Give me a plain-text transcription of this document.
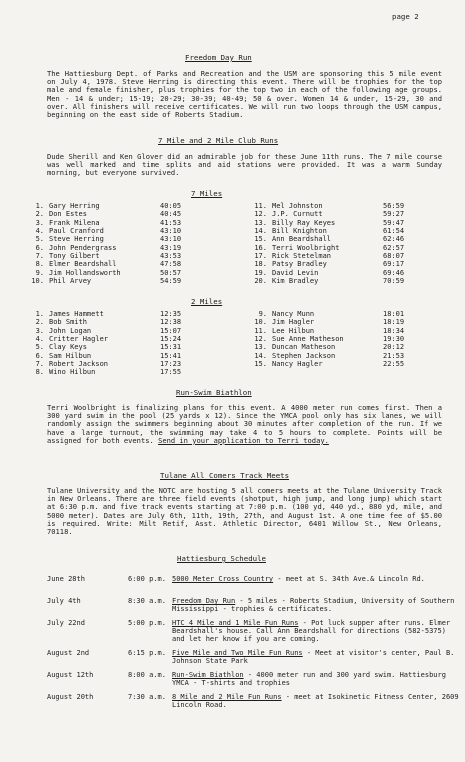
page 2
Freedom Day Run
The Hattiesburg Dept. of Parks and Recreation and the USM are sponsoring this 5 mile event on July 4, 1978. Steve Herring is directing this event. There will be trophies for the top male and female finisher, plus trophies for the top two in each of the following age groups. Men - 14 & under; 15-19; 20-29; 30-39; 40-49; 50 & over. Women 14 & under, 15-29, 30 and over. All finishers will receive certificates. We will run two loops through the USM campus, beginning on the east side of Roberts Stadium.
7 Mile and 2 Mile Club Runs
Dude Sherill and Ken Glover did an admirable job for these June 11th runs. The 7 mile course was well marked and time splits and aid stations were provided. It was a warm Sunday morning, but everyone survived.
7 Miles
1. Gary Herring	40:05
2. Don Estes	40:45
3. Frank Milena	41:53
4. Paul Cranford	43:10
5. Steve Herring	43:10
6. John Pendergrass	43:19
7. Tony Gilbert	43:53
8. Elmer Beardshall	47:58
9. Jim Hollandsworth	50:57
10. Phil Arvey	54:59
11. Mel Johnston	56:59
12. J.P. Curnutt	59:27
13. Billy Ray Keyes	59:47
14. Bill Knighton	61:54
15. Ann Beardshall	62:46
16. Terri Woolbright	62:57
17. Rick Stetelman	68:07
18. Patsy Bradley	69:17
19. David Levin	69:46
20. Kim Bradley	70:59
2 Miles
1. James Hammett	12:35
2. Bob Smith	12:38
3. John Logan	15:07
4. Critter Hagler	15:24
5. Clay Keys	15:31
6. Sam Hilbun	15:41
7. Robert Jackson	17:23
8. Wino Hilbun	17:55
9. Nancy Munn	18:01
10. Jim Hagler	18:19
11. Lee Hilbun	18:34
12. Sue Anne Matheson	19:30
13. Duncan Matheson	20:12
14. Stephen Jackson	21:53
15. Nancy Hagler	22:55
Run-Swim Biathlon
Terri Woolbright is finalizing plans for this event. A 4000 meter run comes first. Then a 300 yard swim in the pool (25 yards x 12). Since the YMCA pool only has six lanes, we will randomly assign the swimmers beginning about 30 minutes after completion of the run. If we have a large turnout, the swimming may take 4 to 5 hours to complete. Points will be assigned for both events. Send in your application to Terri today.
Tulane All Comers Track Meets
Tulane University and the NOTC are hosting 5 all comers meets at the Tulane University Track in New Orleans. There are three field events (shotput, high jump, and long jump) which start at 6:30 p.m. and five track events starting at 7:00 p.m. (100 yd, 440 yd., 880 yd, mile, and 5000 meter). Dates are July 6th, 11th, 19th, 27th, and August 1st. A one time fee of $5.00 is required. Write: Milt Retif, Asst. Athletic Director, 6401 Willow St., New Orleans, 70118.
Hattiesburg Schedule
June 28th	6:00 p.m. 5000 Meter Cross Country - meet at S. 34th Ave.& Lincoln Rd.
July 4th	8:30 a.m. Freedom Day Run - 5 miles - Roberts Stadium, University of Southern Mississippi - trophies & certificates.
July 22nd	5:00 p.m. HTC 4 Mile and 1 Mile Fun Runs - Pot luck supper after runs. Elmer Beardshall's house. Call Ann Beardshall for directions (582-5375) and let her know if you are coming.
August 2nd	6:15 p.m. Five Mile and Two Mile Fun Runs - Meet at visitor's center, Paul B. Johnson State Park
August 12th	8:00 a.m. Run-Swim Biathlon - 4000 meter run and 300 yard swim. Hattiesburg YMCA - T-shirts and trophies
August 20th	7:30 a.m. 8 Mile and 2 Mile Fun Runs - meet at Isokinetic Fitness Center, 2609 Lincoln Road.
